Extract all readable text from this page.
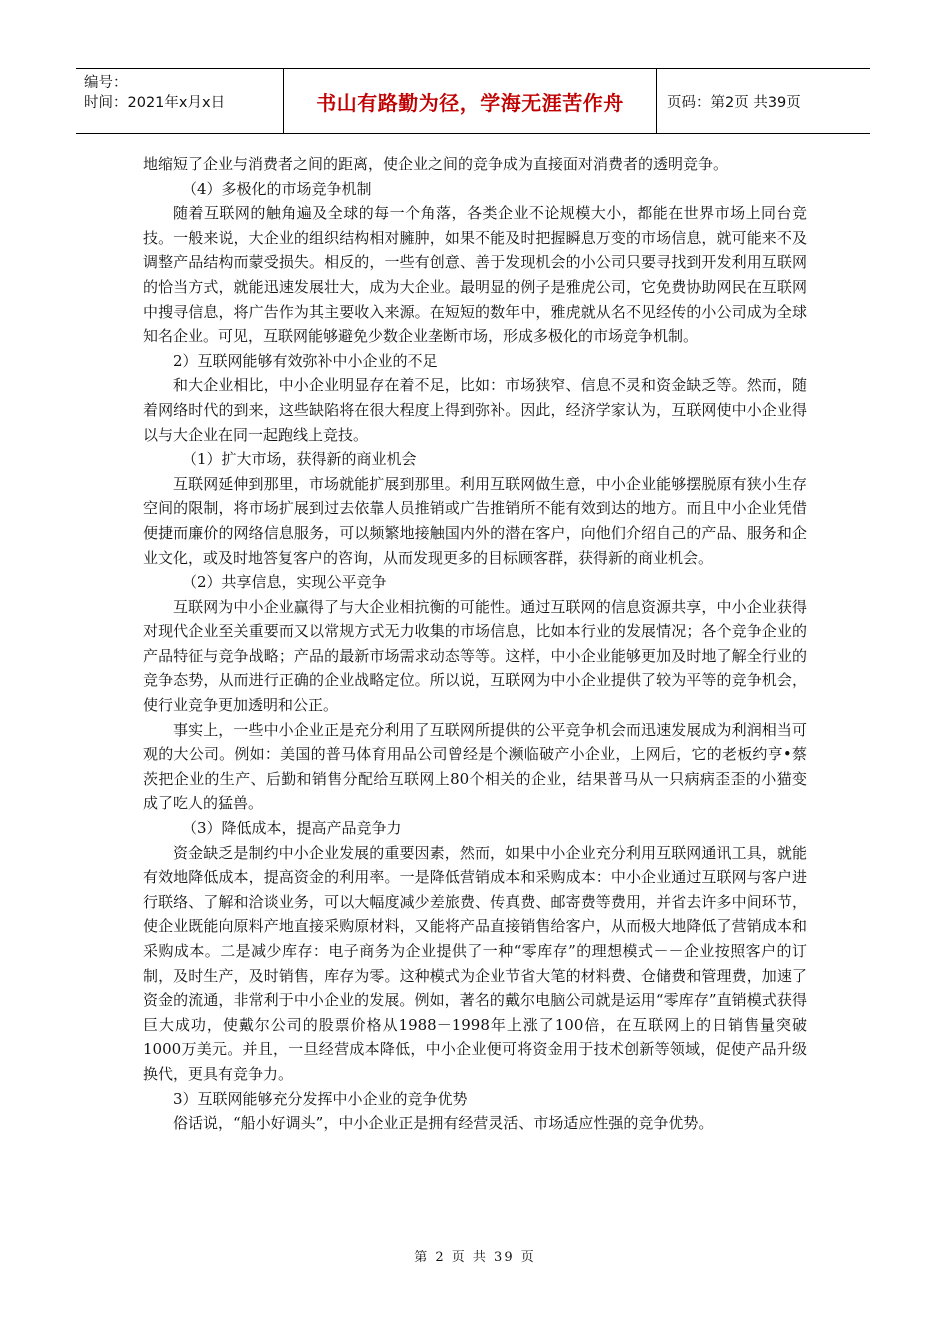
编号：
时间：2021年x月x日	书山有路勤为径，学海无涯苦作舟	页码：第2页 共39页

地缩短了企业与消费者之间的距离，使企业之间的竞争成为直接面对消费者的透明竞争。

（4）多极化的市场竞争机制

随着互联网的触角遍及全球的每一个角落，各类企业不论规模大小，都能在世界市场上同台竞技。一般来说，大企业的组织结构相对臃肿，如果不能及时把握瞬息万变的市场信息，就可能来不及调整产品结构而蒙受损失。相反的，一些有创意、善于发现机会的小公司只要寻找到开发利用互联网的恰当方式，就能迅速发展壮大，成为大企业。最明显的例子是雅虎公司，它免费协助网民在互联网中搜寻信息，将广告作为其主要收入来源。在短短的数年中，雅虎就从名不见经传的小公司成为全球知名企业。可见，互联网能够避免少数企业垄断市场，形成多极化的市场竞争机制。

2）互联网能够有效弥补中小企业的不足

和大企业相比，中小企业明显存在着不足，比如：市场狭窄、信息不灵和资金缺乏等。然而，随着网络时代的到来，这些缺陷将在很大程度上得到弥补。因此，经济学家认为，互联网使中小企业得以与大企业在同一起跑线上竞技。

（1）扩大市场，获得新的商业机会

互联网延伸到那里，市场就能扩展到那里。利用互联网做生意，中小企业能够摆脱原有狭小生存空间的限制，将市场扩展到过去依靠人员推销或广告推销所不能有效到达的地方。而且中小企业凭借便捷而廉价的网络信息服务，可以频繁地接触国内外的潜在客户，向他们介绍自己的产品、服务和企业文化，或及时地答复客户的咨询，从而发现更多的目标顾客群，获得新的商业机会。

（2）共享信息，实现公平竞争

互联网为中小企业赢得了与大企业相抗衡的可能性。通过互联网的信息资源共享，中小企业获得对现代企业至关重要而又以常规方式无力收集的市场信息，比如本行业的发展情况；各个竞争企业的产品特征与竞争战略；产品的最新市场需求动态等等。这样，中小企业能够更加及时地了解全行业的竞争态势，从而进行正确的企业战略定位。所以说，互联网为中小企业提供了较为平等的竞争机会，使行业竞争更加透明和公正。

事实上，一些中小企业正是充分利用了互联网所提供的公平竞争机会而迅速发展成为利润相当可观的大公司。例如：美国的普马体育用品公司曾经是个濒临破产小企业，上网后，它的老板约亨•蔡茨把企业的生产、后勤和销售分配给互联网上80个相关的企业，结果普马从一只病病歪歪的小猫变成了吃人的猛兽。

（3）降低成本，提高产品竞争力

资金缺乏是制约中小企业发展的重要因素，然而，如果中小企业充分利用互联网通讯工具，就能有效地降低成本，提高资金的利用率。一是降低营销成本和采购成本：中小企业通过互联网与客户进行联络、了解和洽谈业务，可以大幅度减少差旅费、传真费、邮寄费等费用，并省去许多中间环节，使企业既能向原料产地直接采购原材料，又能将产品直接销售给客户，从而极大地降低了营销成本和采购成本。二是减少库存：电子商务为企业提供了一种“零库存”的理想模式－－企业按照客户的订制，及时生产，及时销售，库存为零。这种模式为企业节省大笔的材料费、仓储费和管理费，加速了资金的流通，非常利于中小企业的发展。例如，著名的戴尔电脑公司就是运用“零库存”直销模式获得巨大成功，使戴尔公司的股票价格从1988－1998年上涨了100倍，在互联网上的日销售量突破1000万美元。并且，一旦经营成本降低，中小企业便可将资金用于技术创新等领域，促使产品升级换代，更具有竞争力。

3）互联网能够充分发挥中小企业的竞争优势

俗话说，“船小好调头”，中小企业正是拥有经营灵活、市场适应性强的竞争优势。

第 2 页 共 39 页
